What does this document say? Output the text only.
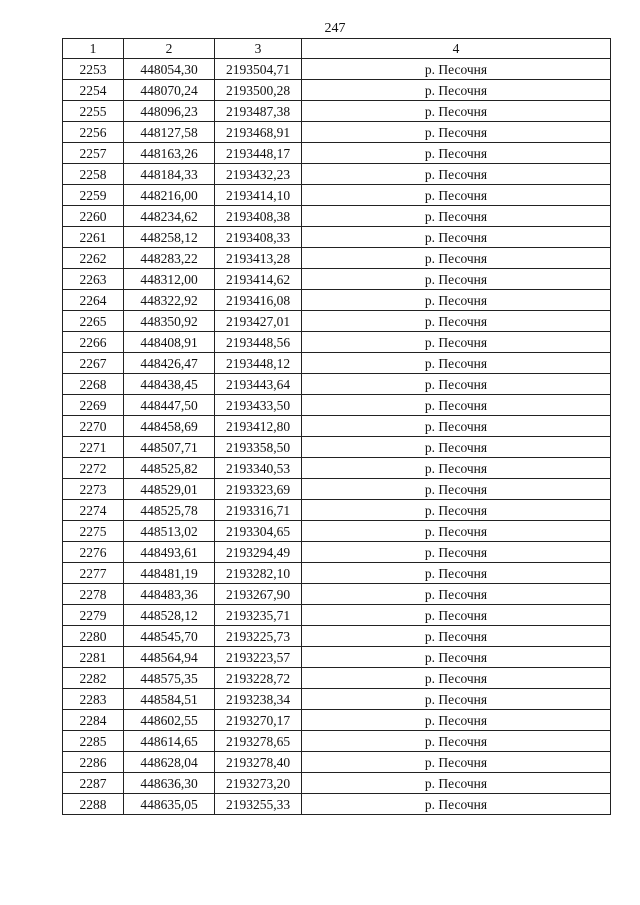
247
1	2	3	4
2253	448054,30	2193504,71	р. Песочня
2254	448070,24	2193500,28	р. Песочня
2255	448096,23	2193487,38	р. Песочня
2256	448127,58	2193468,91	р. Песочня
2257	448163,26	2193448,17	р. Песочня
2258	448184,33	2193432,23	р. Песочня
2259	448216,00	2193414,10	р. Песочня
2260	448234,62	2193408,38	р. Песочня
2261	448258,12	2193408,33	р. Песочня
2262	448283,22	2193413,28	р. Песочня
2263	448312,00	2193414,62	р. Песочня
2264	448322,92	2193416,08	р. Песочня
2265	448350,92	2193427,01	р. Песочня
2266	448408,91	2193448,56	р. Песочня
2267	448426,47	2193448,12	р. Песочня
2268	448438,45	2193443,64	р. Песочня
2269	448447,50	2193433,50	р. Песочня
2270	448458,69	2193412,80	р. Песочня
2271	448507,71	2193358,50	р. Песочня
2272	448525,82	2193340,53	р. Песочня
2273	448529,01	2193323,69	р. Песочня
2274	448525,78	2193316,71	р. Песочня
2275	448513,02	2193304,65	р. Песочня
2276	448493,61	2193294,49	р. Песочня
2277	448481,19	2193282,10	р. Песочня
2278	448483,36	2193267,90	р. Песочня
2279	448528,12	2193235,71	р. Песочня
2280	448545,70	2193225,73	р. Песочня
2281	448564,94	2193223,57	р. Песочня
2282	448575,35	2193228,72	р. Песочня
2283	448584,51	2193238,34	р. Песочня
2284	448602,55	2193270,17	р. Песочня
2285	448614,65	2193278,65	р. Песочня
2286	448628,04	2193278,40	р. Песочня
2287	448636,30	2193273,20	р. Песочня
2288	448635,05	2193255,33	р. Песочня
